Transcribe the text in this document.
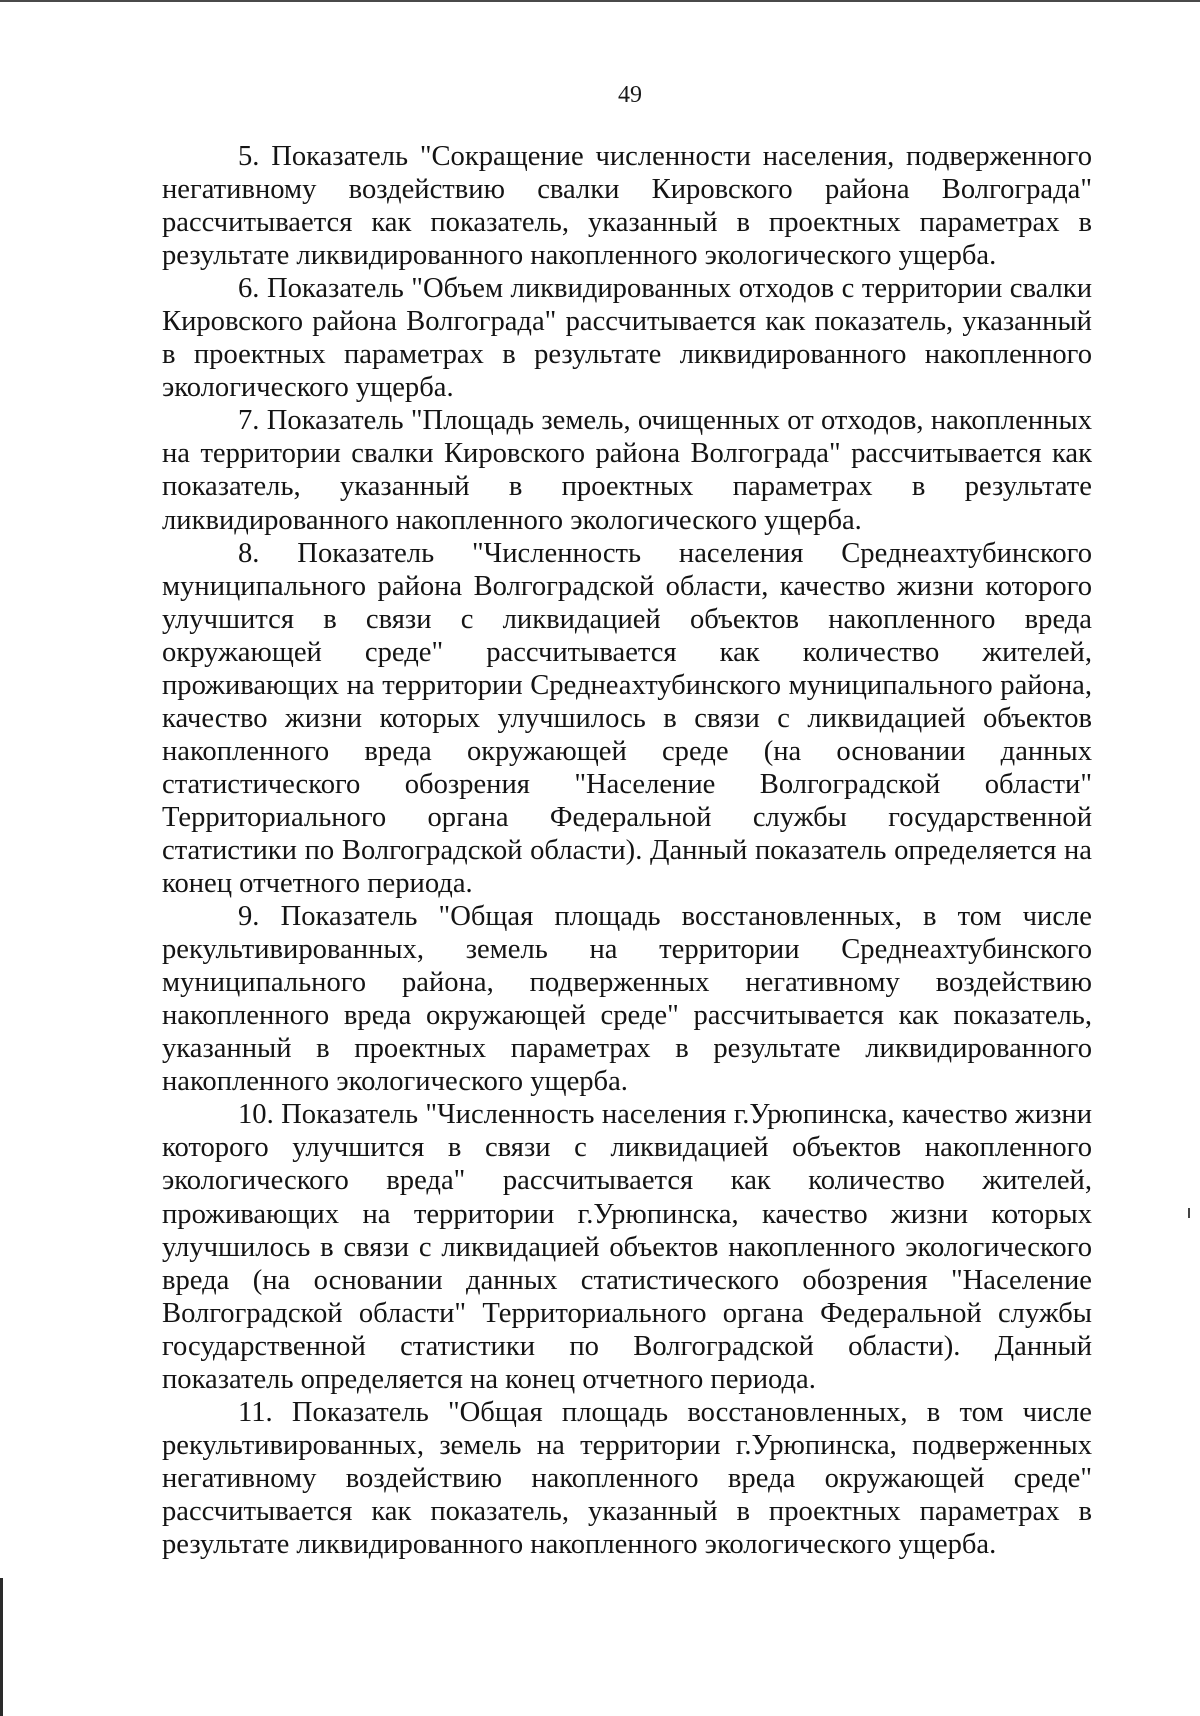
49

5. Показатель "Сокращение численности населения, подверженного негативному воздействию свалки Кировского района Волгограда" рассчитывается как показатель, указанный в проектных параметрах в результате ликвидированного накопленного экологического ущерба.

6. Показатель "Объем ликвидированных отходов с территории свалки Кировского района Волгограда" рассчитывается как показатель, указанный в проектных параметрах в результате ликвидированного накопленного экологического ущерба.

7. Показатель "Площадь земель, очищенных от отходов, накопленных на территории свалки Кировского района Волгограда" рассчитывается как показатель, указанный в проектных параметрах в результате ликвидированного накопленного экологического ущерба.

8. Показатель "Численность населения Среднеахтубинского муниципального района Волгоградской области, качество жизни которого улучшится в связи с ликвидацией объектов накопленного вреда окружающей среде" рассчитывается как количество жителей, проживающих на территории Среднеахтубинского муниципального района, качество жизни которых улучшилось в связи с ликвидацией объектов накопленного вреда окружающей среде (на основании данных статистического обозрения "Население Волгоградской области" Территориального органа Федеральной службы государственной статистики по Волгоградской области). Данный показатель определяется на конец отчетного периода.

9. Показатель "Общая площадь восстановленных, в том числе рекультивированных, земель на территории Среднеахтубинского муниципального района, подверженных негативному воздействию накопленного вреда окружающей среде" рассчитывается как показатель, указанный в проектных параметрах в результате ликвидированного накопленного экологического ущерба.

10. Показатель "Численность населения г.Урюпинска, качество жизни которого улучшится в связи с ликвидацией объектов накопленного экологического вреда" рассчитывается как количество жителей, проживающих на территории г.Урюпинска, качество жизни которых улучшилось в связи с ликвидацией объектов накопленного экологического вреда (на основании данных статистического обозрения "Население Волгоградской области" Территориального органа Федеральной службы государственной статистики по Волгоградской области). Данный показатель определяется на конец отчетного периода.

11. Показатель "Общая площадь восстановленных, в том числе рекультивированных, земель на территории г.Урюпинска, подверженных негативному воздействию накопленного вреда окружающей среде" рассчитывается как показатель, указанный в проектных параметрах в результате ликвидированного накопленного экологического ущерба.
